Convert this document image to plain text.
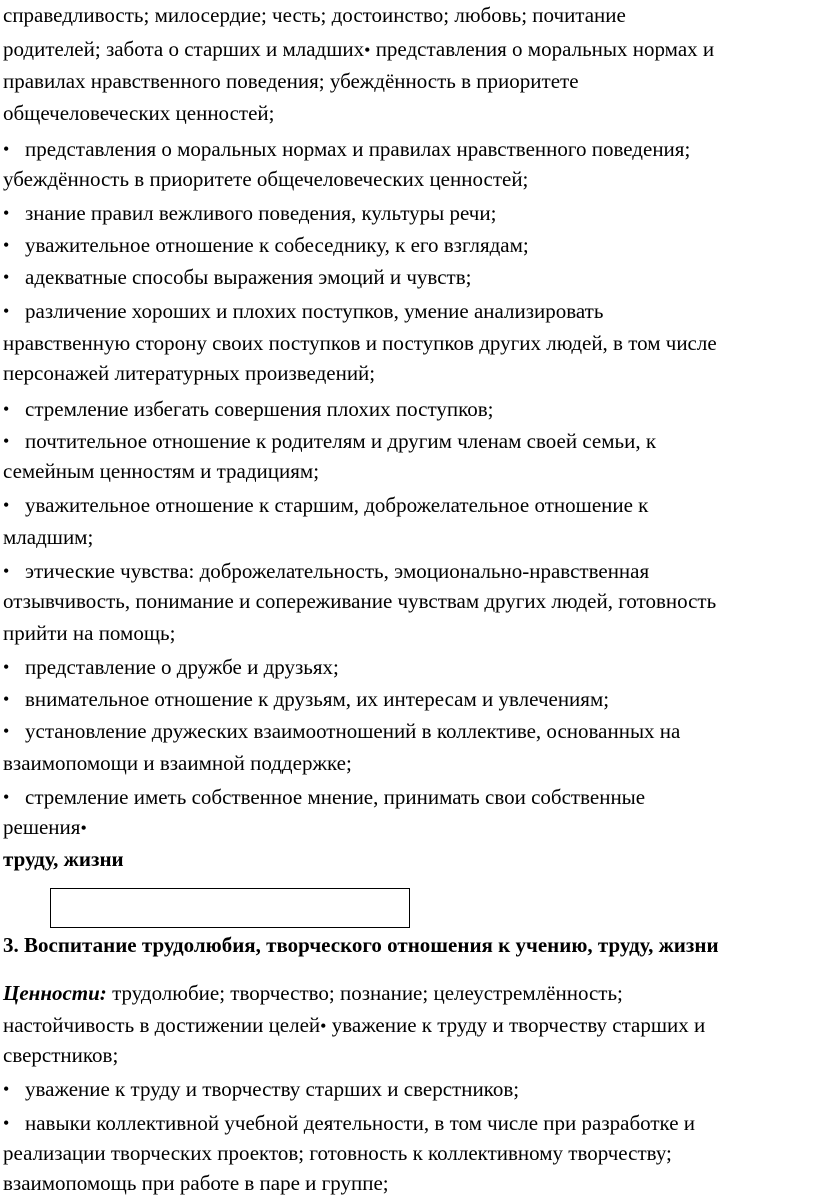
справедливость; милосердие; честь; достоинство; любовь; почитание

родителей; забота о старших и младших• представления о моральных нормах и

правилах нравственного поведения; убеждённость в приоритете

общечеловеческих ценностей;

• представления о моральных нормах и правилах нравственного поведения;

убеждённость в приоритете общечеловеческих ценностей;

• знание правил вежливого поведения, культуры речи;

• уважительное отношение к собеседнику, к его взглядам;

• адекватные способы выражения эмоций и чувств;

• различение хороших и плохих поступков, умение анализировать

нравственную сторону своих поступков и поступков других людей, в том числе

персонажей литературных произведений;

• стремление избегать совершения плохих поступков;

• почтительное отношение к родителям и другим членам своей семьи, к

семейным ценностям и традициям;

• уважительное отношение к старшим, доброжелательное отношение к

младшим;

• этические чувства: доброжелательность, эмоционально-нравственная

отзывчивость, понимание и сопереживание чувствам других людей, готовность

прийти на помощь;

• представление о дружбе и друзьях;

• внимательное отношение к друзьям, их интересам и увлечениям;

• установление дружеских взаимоотношений в коллективе, основанных на

взаимопомощи и взаимной поддержке;

• стремление иметь собственное мнение, принимать свои собственные

решения•

труду, жизни

3. Воспитание трудолюбия, творческого отношения к учению, труду, жизни

Ценности: трудолюбие; творчество; познание; целеустремлённость;

настойчивость в достижении целей• уважение к труду и творчеству старших и

сверстников;

• уважение к труду и творчеству старших и сверстников;

• навыки коллективной учебной деятельности, в том числе при разработке и

реализации творческих проектов; готовность к коллективному творчеству;

взаимопомощь при работе в паре и группе;
